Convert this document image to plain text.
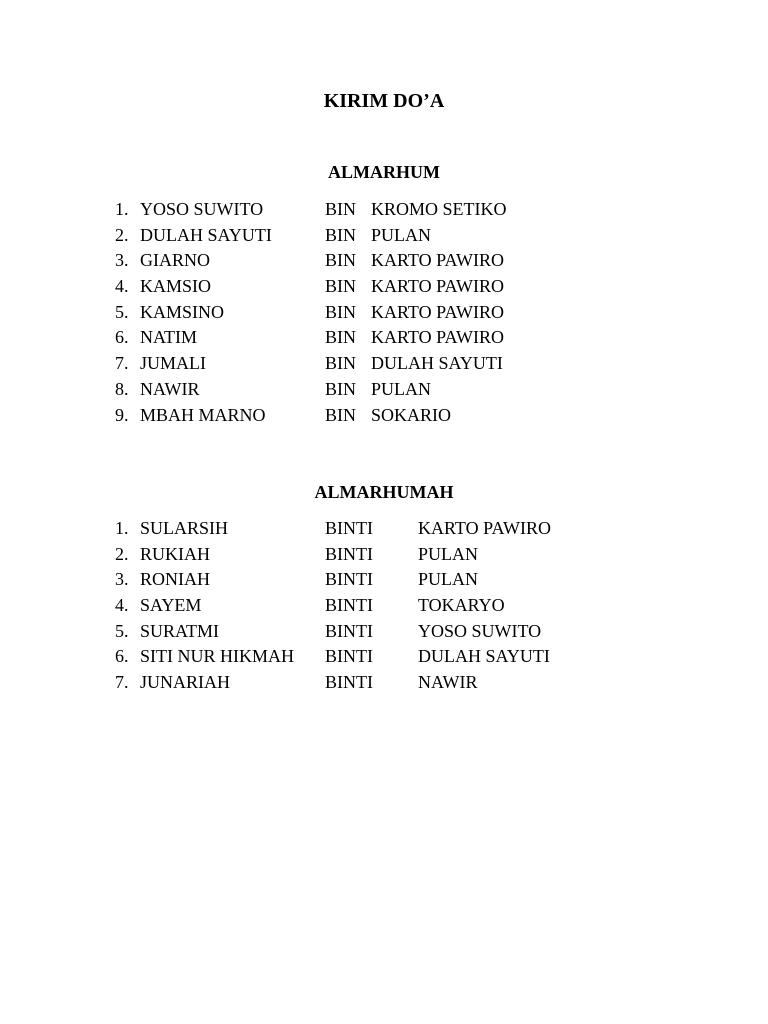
KIRIM DO’A
ALMARHUM
1. YOSO SUWITO	BIN KROMO SETIKO
2. DULAH SAYUTI	BIN PULAN
3. GIARNO	BIN KARTO PAWIRO
4. KAMSIO	BIN KARTO PAWIRO
5. KAMSINO	BIN KARTO PAWIRO
6. NATIM	BIN KARTO PAWIRO
7. JUMALI	BIN DULAH SAYUTI
8. NAWIR	BIN PULAN
9. MBAH MARNO	BIN SOKARIO
ALMARHUMAH
1. SULARSIH	BINTI	KARTO PAWIRO
2. RUKIAH	BINTI	PULAN
3. RONIAH	BINTI	PULAN
4. SAYEM	BINTI	TOKARYO
5. SURATMI	BINTI	YOSO SUWITO
6. SITI NUR HIKMAH BINTI	DULAH SAYUTI
7. JUNARIAH	BINTI	NAWIR
